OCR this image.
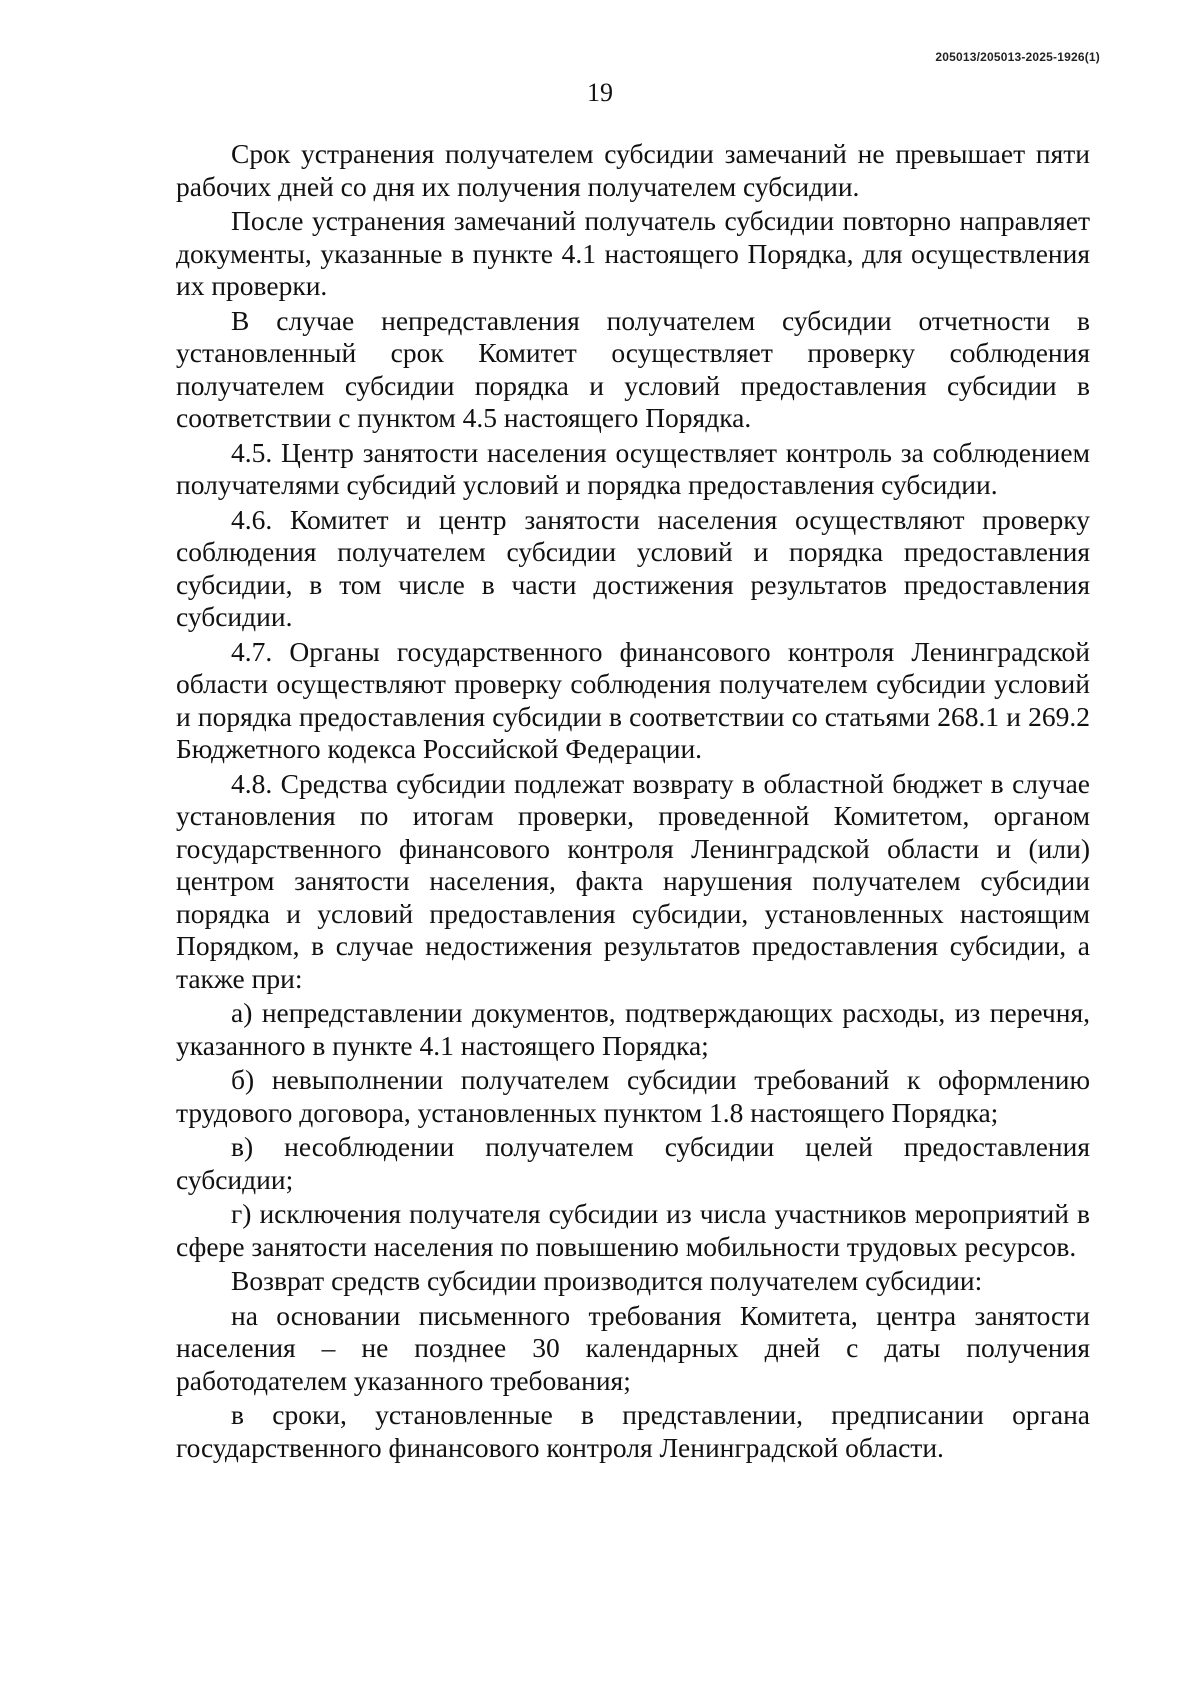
205013/205013-2025-1926(1)
19

Срок устранения получателем субсидии замечаний не превышает пяти рабочих дней со дня их получения получателем субсидии.

После устранения замечаний получатель субсидии повторно направляет документы, указанные в пункте 4.1 настоящего Порядка, для осуществления их проверки.

В случае непредставления получателем субсидии отчетности в установленный срок Комитет осуществляет проверку соблюдения получателем субсидии порядка и условий предоставления субсидии в соответствии с пунктом 4.5 настоящего Порядка.

4.5. Центр занятости населения осуществляет контроль за соблюдением получателями субсидий условий и порядка предоставления субсидии.

4.6. Комитет и центр занятости населения осуществляют проверку соблюдения получателем субсидии условий и порядка предоставления субсидии, в том числе в части достижения результатов предоставления субсидии.

4.7. Органы государственного финансового контроля Ленинградской области осуществляют проверку соблюдения получателем субсидии условий и порядка предоставления субсидии в соответствии со статьями 268.1 и 269.2 Бюджетного кодекса Российской Федерации.

4.8. Средства субсидии подлежат возврату в областной бюджет в случае установления по итогам проверки, проведенной Комитетом, органом государственного финансового контроля Ленинградской области и (или) центром занятости населения, факта нарушения получателем субсидии порядка и условий предоставления субсидии, установленных настоящим Порядком, в случае недостижения результатов предоставления субсидии, а также при:

а) непредставлении документов, подтверждающих расходы, из перечня, указанного в пункте 4.1 настоящего Порядка;

б) невыполнении получателем субсидии требований к оформлению трудового договора, установленных пунктом 1.8 настоящего Порядка;

в) несоблюдении получателем субсидии целей предоставления субсидии;

г) исключения получателя субсидии из числа участников мероприятий в сфере занятости населения по повышению мобильности трудовых ресурсов.

Возврат средств субсидии производится получателем субсидии:

на основании письменного требования Комитета, центра занятости населения – не позднее 30 календарных дней с даты получения работодателем указанного требования;

в сроки, установленные в представлении, предписании органа государственного финансового контроля Ленинградской области.
